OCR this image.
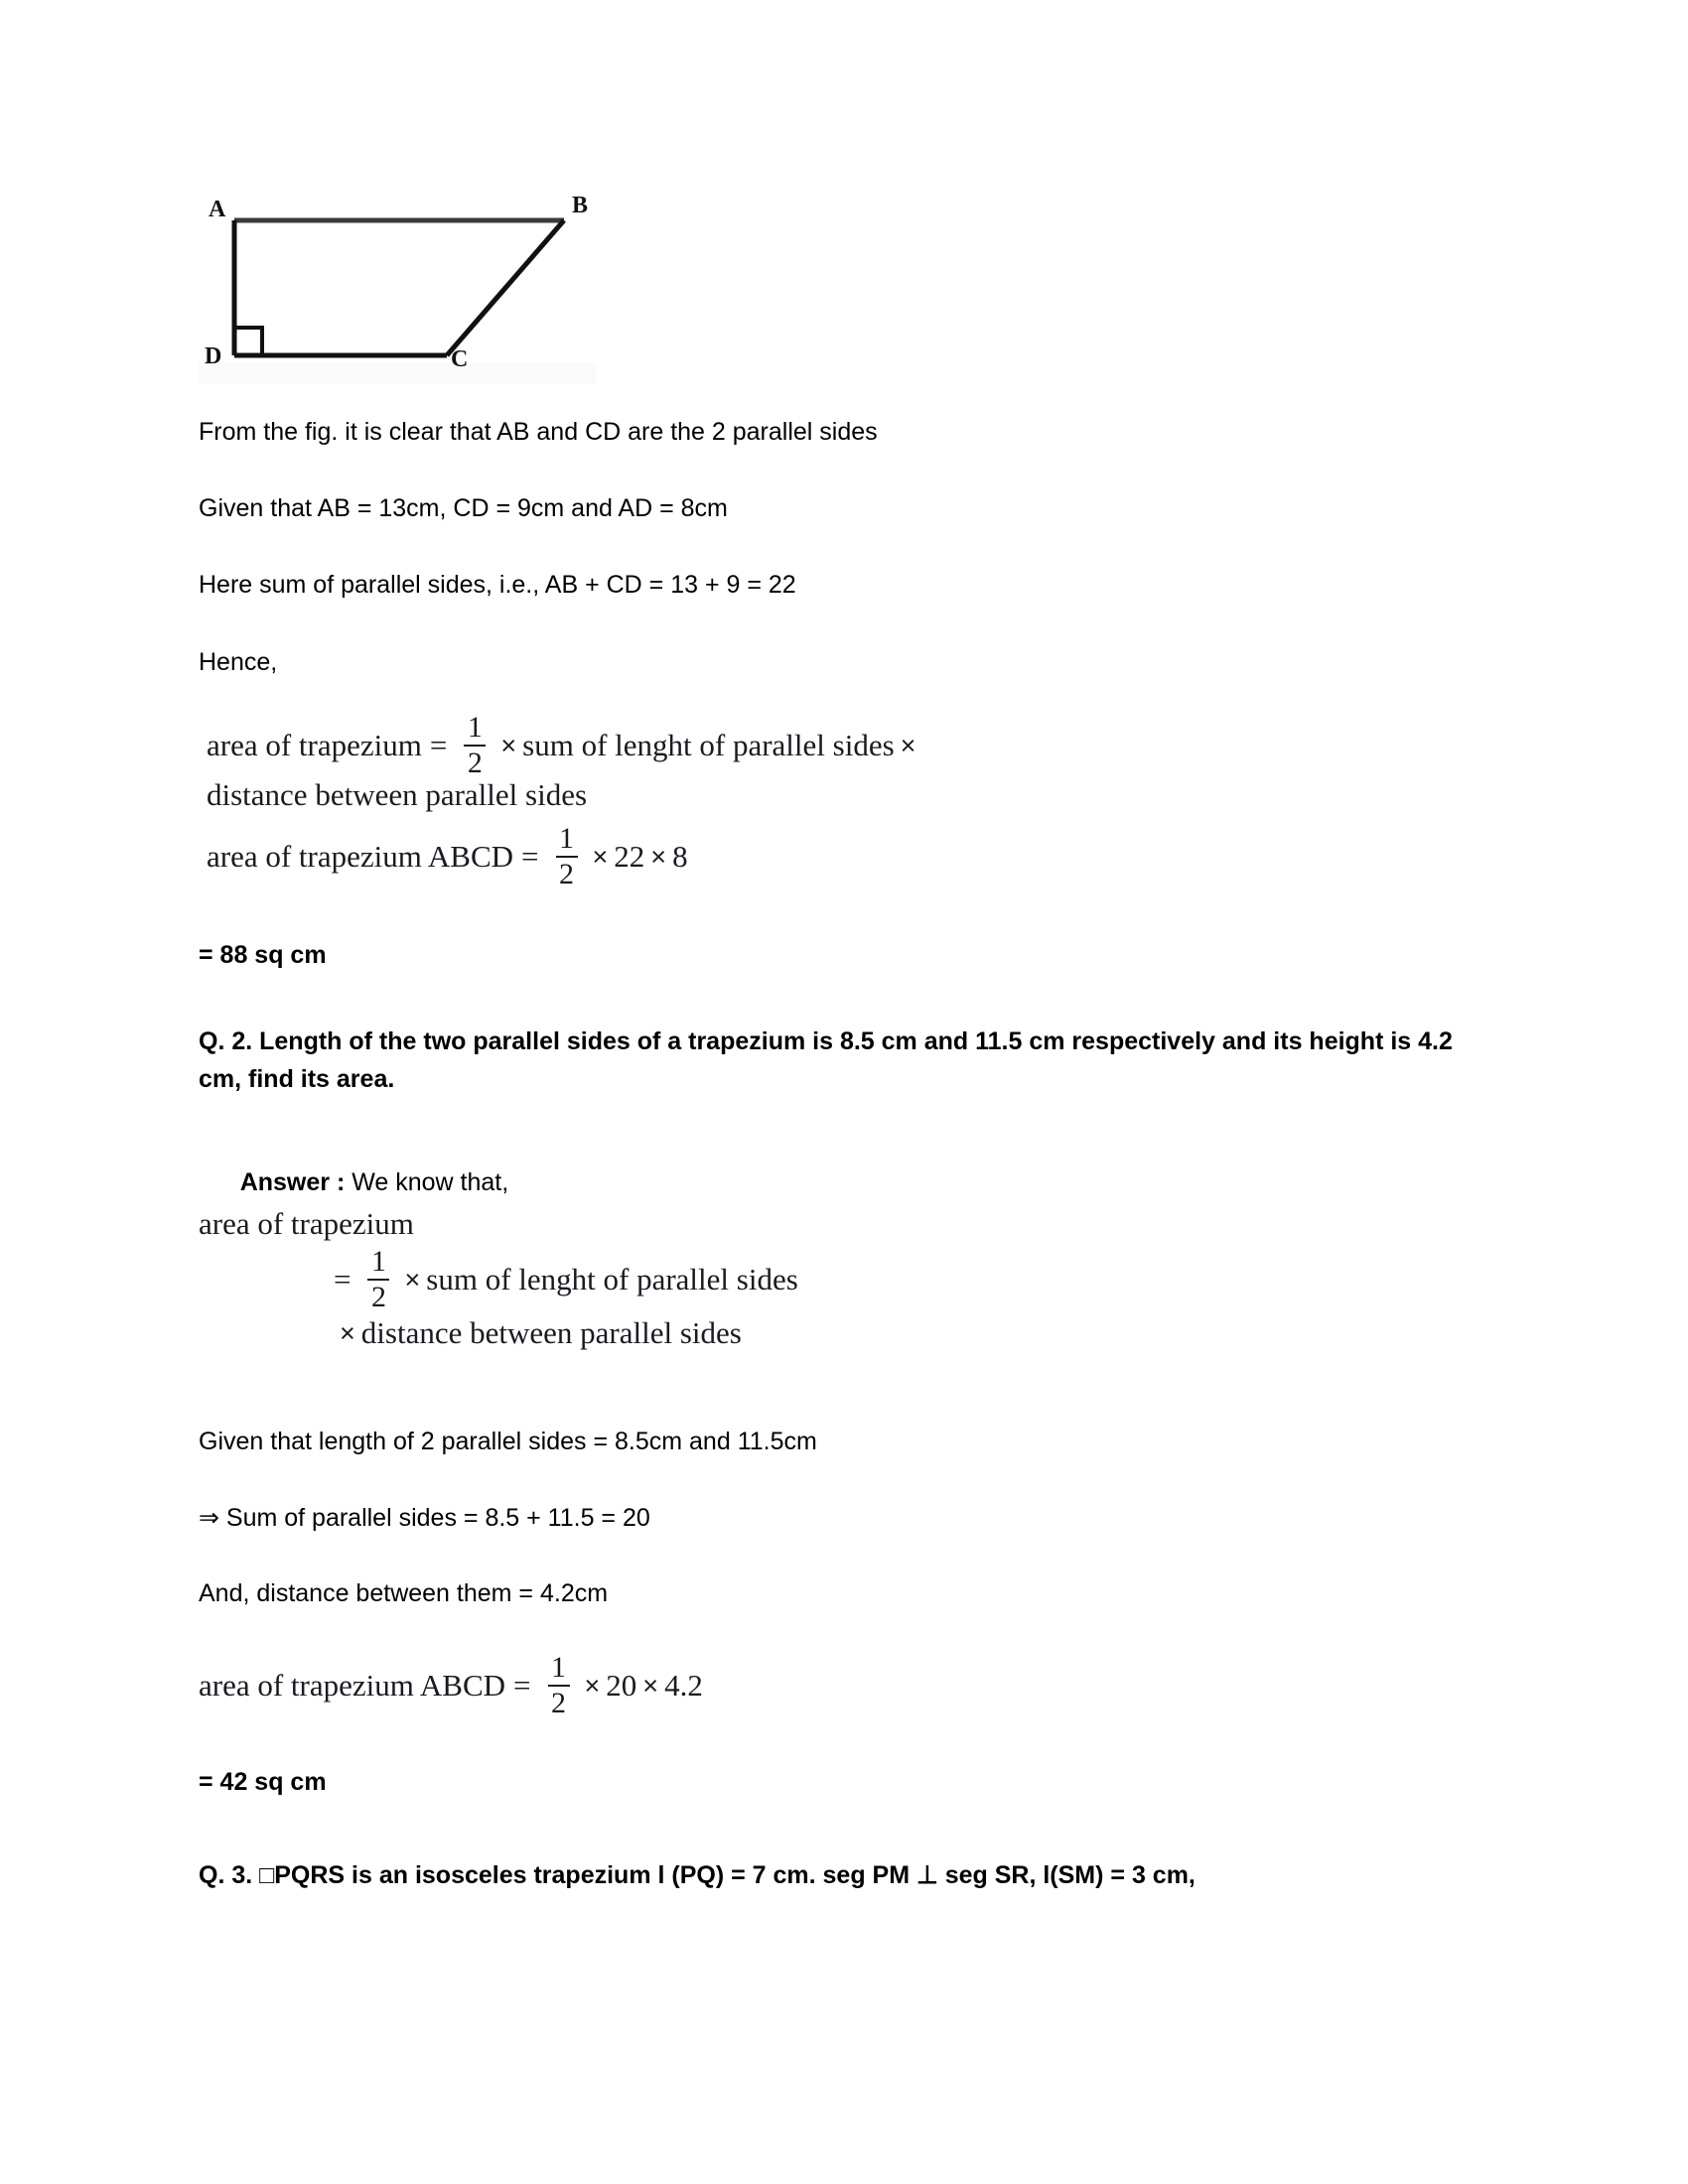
A	B
C
D
From the fig. it is clear that AB and CD are the 2 parallel sides
Given that AB = 13cm, CD = 9cm and AD = 8cm
Here sum of parallel sides, i.e., AB + CD = 13 + 9 = 22
Hence,
area of trapezium = $\frac{1}{2}$ × sum of lenght of parallel sides ×
distance between parallel sides
area of trapezium ABCD = $\frac{1}{2} \times 22 \times 8$
= 88 sq cm
Q. 2. Length of the two parallel sides of a trapezium is 8.5 cm and 11.5 cm respectively and its height is 4.2 cm, find its area.

Answer : We know that,

area of trapezium
= $\frac{1}{2}$ × sum of lenght of parallel sides
× distance between parallel sides
Given that length of 2 parallel sides = 8.5cm and 11.5cm
⇒ Sum of parallel sides = 8.5 + 11.5 = 20
And, distance between them = 4.2cm
area of trapezium ABCD = $\frac{1}{2} \times 20 \times 4.2$
= 42 sq cm
Q. 3. □PQRS is an isosceles trapezium l (PQ) = 7 cm. seg PM ⊥ seg SR, l(SM) = 3 cm,
